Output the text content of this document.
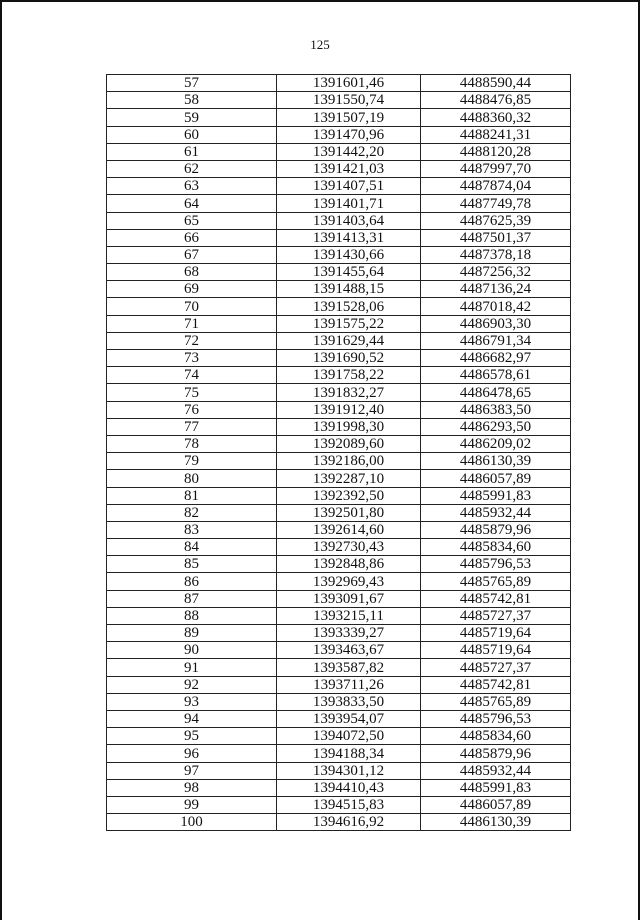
125
57	1391601,46	4488590,44
58	1391550,74	4488476,85
59	1391507,19	4488360,32
60	1391470,96	4488241,31
61	1391442,20	4488120,28
62	1391421,03	4487997,70
63	1391407,51	4487874,04
64	1391401,71	4487749,78
65	1391403,64	4487625,39
66	1391413,31	4487501,37
67	1391430,66	4487378,18
68	1391455,64	4487256,32
69	1391488,15	4487136,24
70	1391528,06	4487018,42
71	1391575,22	4486903,30
72	1391629,44	4486791,34
73	1391690,52	4486682,97
74	1391758,22	4486578,61
75	1391832,27	4486478,65
76	1391912,40	4486383,50
77	1391998,30	4486293,50
78	1392089,60	4486209,02
79	1392186,00	4486130,39
80	1392287,10	4486057,89
81	1392392,50	4485991,83
82	1392501,80	4485932,44
83	1392614,60	4485879,96
84	1392730,43	4485834,60
85	1392848,86	4485796,53
86	1392969,43	4485765,89
87	1393091,67	4485742,81
88	1393215,11	4485727,37
89	1393339,27	4485719,64
90	1393463,67	4485719,64
91	1393587,82	4485727,37
92	1393711,26	4485742,81
93	1393833,50	4485765,89
94	1393954,07	4485796,53
95	1394072,50	4485834,60
96	1394188,34	4485879,96
97	1394301,12	4485932,44
98	1394410,43	4485991,83
99	1394515,83	4486057,89
100	1394616,92	4486130,39
